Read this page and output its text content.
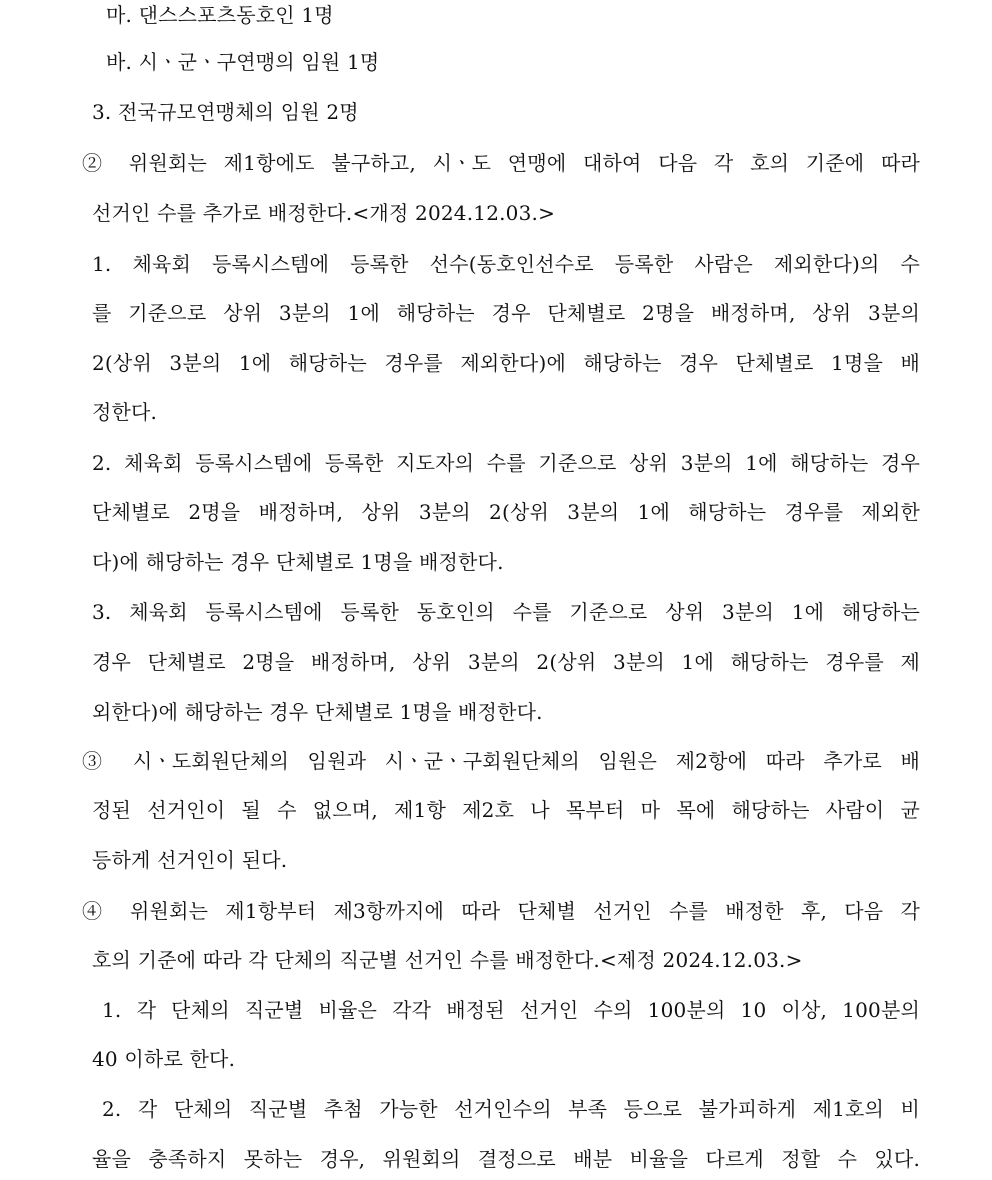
마. 댄스스포츠동호인 1명
바. 시ㆍ군ㆍ구연맹의 임원 1명
3. 전국규모연맹체의 임원 2명
② 위원회는 제1항에도 불구하고, 시ㆍ도 연맹에 대하여 다음 각 호의 기준에 따라
선거인 수를 추가로 배정한다.<개정 2024.12.03.>
1. 체육회 등록시스템에 등록한 선수(동호인선수로 등록한 사람은 제외한다)의 수
를 기준으로 상위 3분의 1에 해당하는 경우 단체별로 2명을 배정하며, 상위 3분의
2(상위 3분의 1에 해당하는 경우를 제외한다)에 해당하는 경우 단체별로 1명을 배
정한다.
2. 체육회 등록시스템에 등록한 지도자의 수를 기준으로 상위 3분의 1에 해당하는 경우
단체별로 2명을 배정하며, 상위 3분의 2(상위 3분의 1에 해당하는 경우를 제외한
다)에 해당하는 경우 단체별로 1명을 배정한다.
3. 체육회 등록시스템에 등록한 동호인의 수를 기준으로 상위 3분의 1에 해당하는
경우 단체별로 2명을 배정하며, 상위 3분의 2(상위 3분의 1에 해당하는 경우를 제
외한다)에 해당하는 경우 단체별로 1명을 배정한다.
③ 시ㆍ도회원단체의 임원과 시ㆍ군ㆍ구회원단체의 임원은 제2항에 따라 추가로 배
정된 선거인이 될 수 없으며, 제1항 제2호 나 목부터 마 목에 해당하는 사람이 균
등하게 선거인이 된다.
④ 위원회는 제1항부터 제3항까지에 따라 단체별 선거인 수를 배정한 후, 다음 각
호의 기준에 따라 각 단체의 직군별 선거인 수를 배정한다.<제정 2024.12.03.>
1. 각 단체의 직군별 비율은 각각 배정된 선거인 수의 100분의 10 이상, 100분의
40 이하로 한다.
2. 각 단체의 직군별 추첨 가능한 선거인수의 부족 등으로 불가피하게 제1호의 비
율을 충족하지 못하는 경우, 위원회의 결정으로 배분 비율을 다르게 정할 수 있다.
